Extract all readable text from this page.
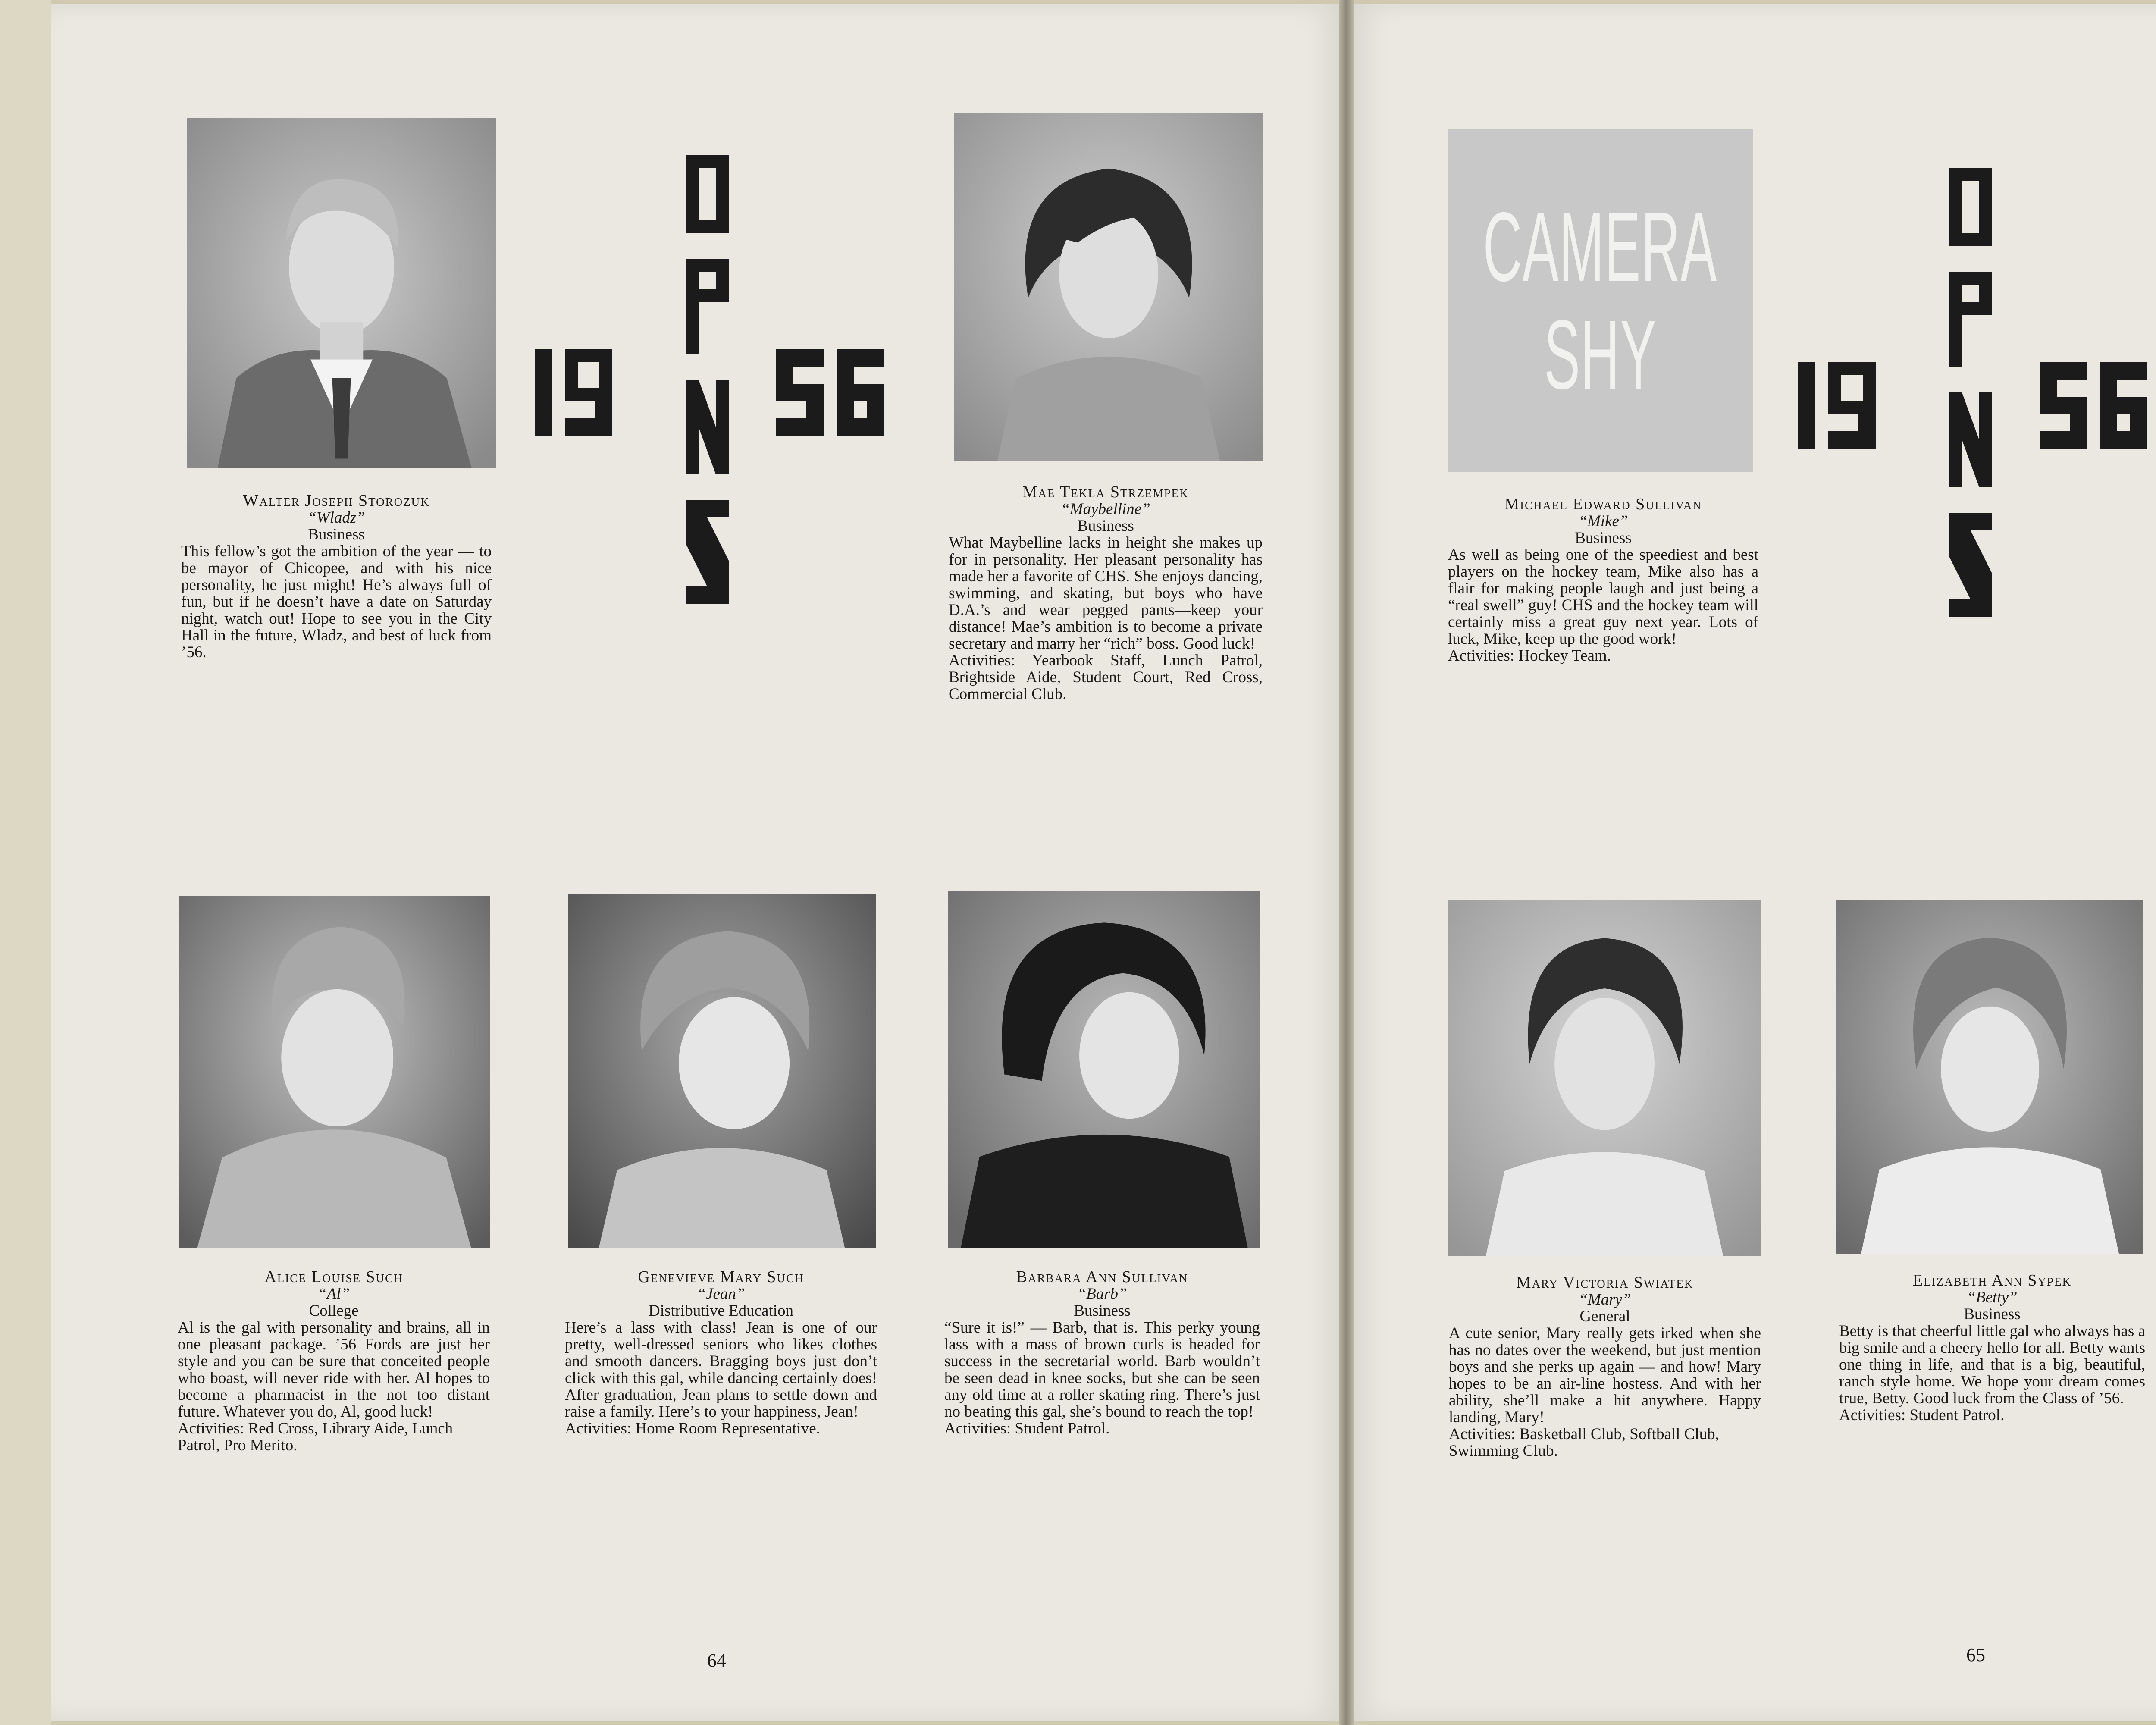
CAMERA
SHY
Walter Joseph Storozuk
“Wladz”
Business
This fellow’s got the ambition of the year — to be mayor of Chicopee, and with his nice personality, he just might! He’s always full of fun, but if he doesn’t have a date on Saturday night, watch out! Hope to see you in the City Hall in the future, Wladz, and best of luck from ’56.
Mae Tekla Strzempek
“Maybelline”
Business
What Maybelline lacks in height she makes up for in personality. Her pleasant personality has made her a favorite of CHS. She enjoys dancing, swimming, and skating, but boys who have D.A.’s and wear pegged pants—keep your distance! Mae’s ambition is to become a private secretary and marry her “rich” boss. Good luck!
Activities: Yearbook Staff, Lunch Patrol, Brightside Aide, Student Court, Red Cross, Commercial Club.
Michael Edward Sullivan
“Mike”
Business
As well as being one of the speediest and best players on the hockey team, Mike also has a flair for making people laugh and just being a “real swell” guy! CHS and the hockey team will certainly miss a great guy next year. Lots of luck, Mike, keep up the good work!
Activities: Hockey Team.
Alice Louise Such
“Al”
College
Al is the gal with personality and brains, all in one pleasant package. ’56 Fords are just her style and you can be sure that conceited people who boast, will never ride with her. Al hopes to become a pharmacist in the not too distant future. Whatever you do, Al, good luck!
Activities: Red Cross, Library Aide, Lunch Patrol, Pro Merito.
Genevieve Mary Such
“Jean”
Distributive Education
Here’s a lass with class! Jean is one of our pretty, well-dressed seniors who likes clothes and smooth dancers. Bragging boys just don’t click with this gal, while dancing certainly does! After graduation, Jean plans to settle down and raise a family. Here’s to your happiness, Jean!
Activities: Home Room Representative.
Barbara Ann Sullivan
“Barb”
Business
“Sure it is!” — Barb, that is. This perky young lass with a mass of brown curls is headed for success in the secretarial world. Barb wouldn’t be seen dead in knee socks, but she can be seen any old time at a roller skating ring. There’s just no beating this gal, she’s bound to reach the top!
Activities: Student Patrol.
Mary Victoria Swiatek
“Mary”
General
A cute senior, Mary really gets irked when she has no dates over the weekend, but just mention boys and she perks up again — and how! Mary hopes to be an air-line hostess. And with her ability, she’ll make a hit anywhere. Happy landing, Mary!
Activities: Basketball Club, Softball Club, Swimming Club.
Elizabeth Ann Sypek
“Betty”
Business
Betty is that cheerful little gal who always has a big smile and a cheery hello for all. Betty wants one thing in life, and that is a big, beautiful, ranch style home. We hope your dream comes true, Betty. Good luck from the Class of ’56.
Activities: Student Patrol.
64	65
